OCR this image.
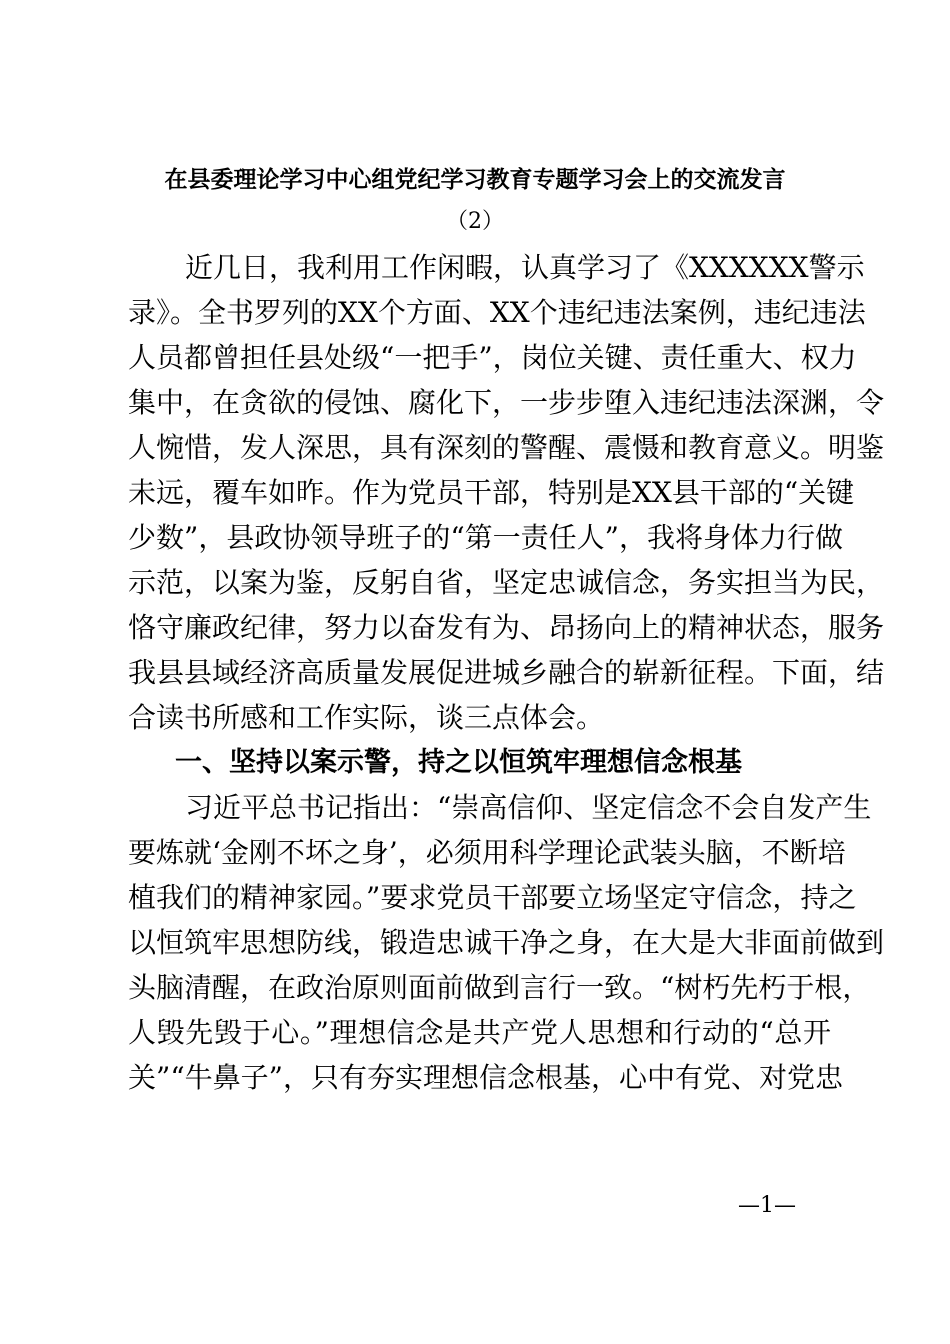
在县委理论学习中心组党纪学习教育专题学习会上的交流发言
（2）
近几日，我利用工作闲暇，认真学习了《XXXXXX警示
录》。全书罗列的XX个方面、XX个违纪违法案例，违纪违法
人员都曾担任县处级“一把手”，岗位关键、责任重大、权力
集中，在贪欲的侵蚀、腐化下，一步步堕入违纪违法深渊，令
人惋惜，发人深思，具有深刻的警醒、震慑和教育意义。明鉴
未远，覆车如昨。作为党员干部，特别是XX县干部的“关键
少数”，县政协领导班子的“第一责任人”，我将身体力行做
示范，以案为鉴，反躬自省，坚定忠诚信念，务实担当为民，
恪守廉政纪律，努力以奋发有为、昂扬向上的精神状态，服务
我县县域经济高质量发展促进城乡融合的崭新征程。下面，结
合读书所感和工作实际，谈三点体会。
一、坚持以案示警，持之以恒筑牢理想信念根基
习近平总书记指出：“崇高信仰、坚定信念不会自发产生
要炼就‘金刚不坏之身’，必须用科学理论武装头脑，不断培
植我们的精神家园。”要求党员干部要立场坚定守信念，持之
以恒筑牢思想防线，锻造忠诚干净之身，在大是大非面前做到
头脑清醒，在政治原则面前做到言行一致。“树朽先朽于根，
人毁先毁于心。”理想信念是共产党人思想和行动的“总开
关”“牛鼻子”，只有夯实理想信念根基，心中有党、对党忠
—1—
